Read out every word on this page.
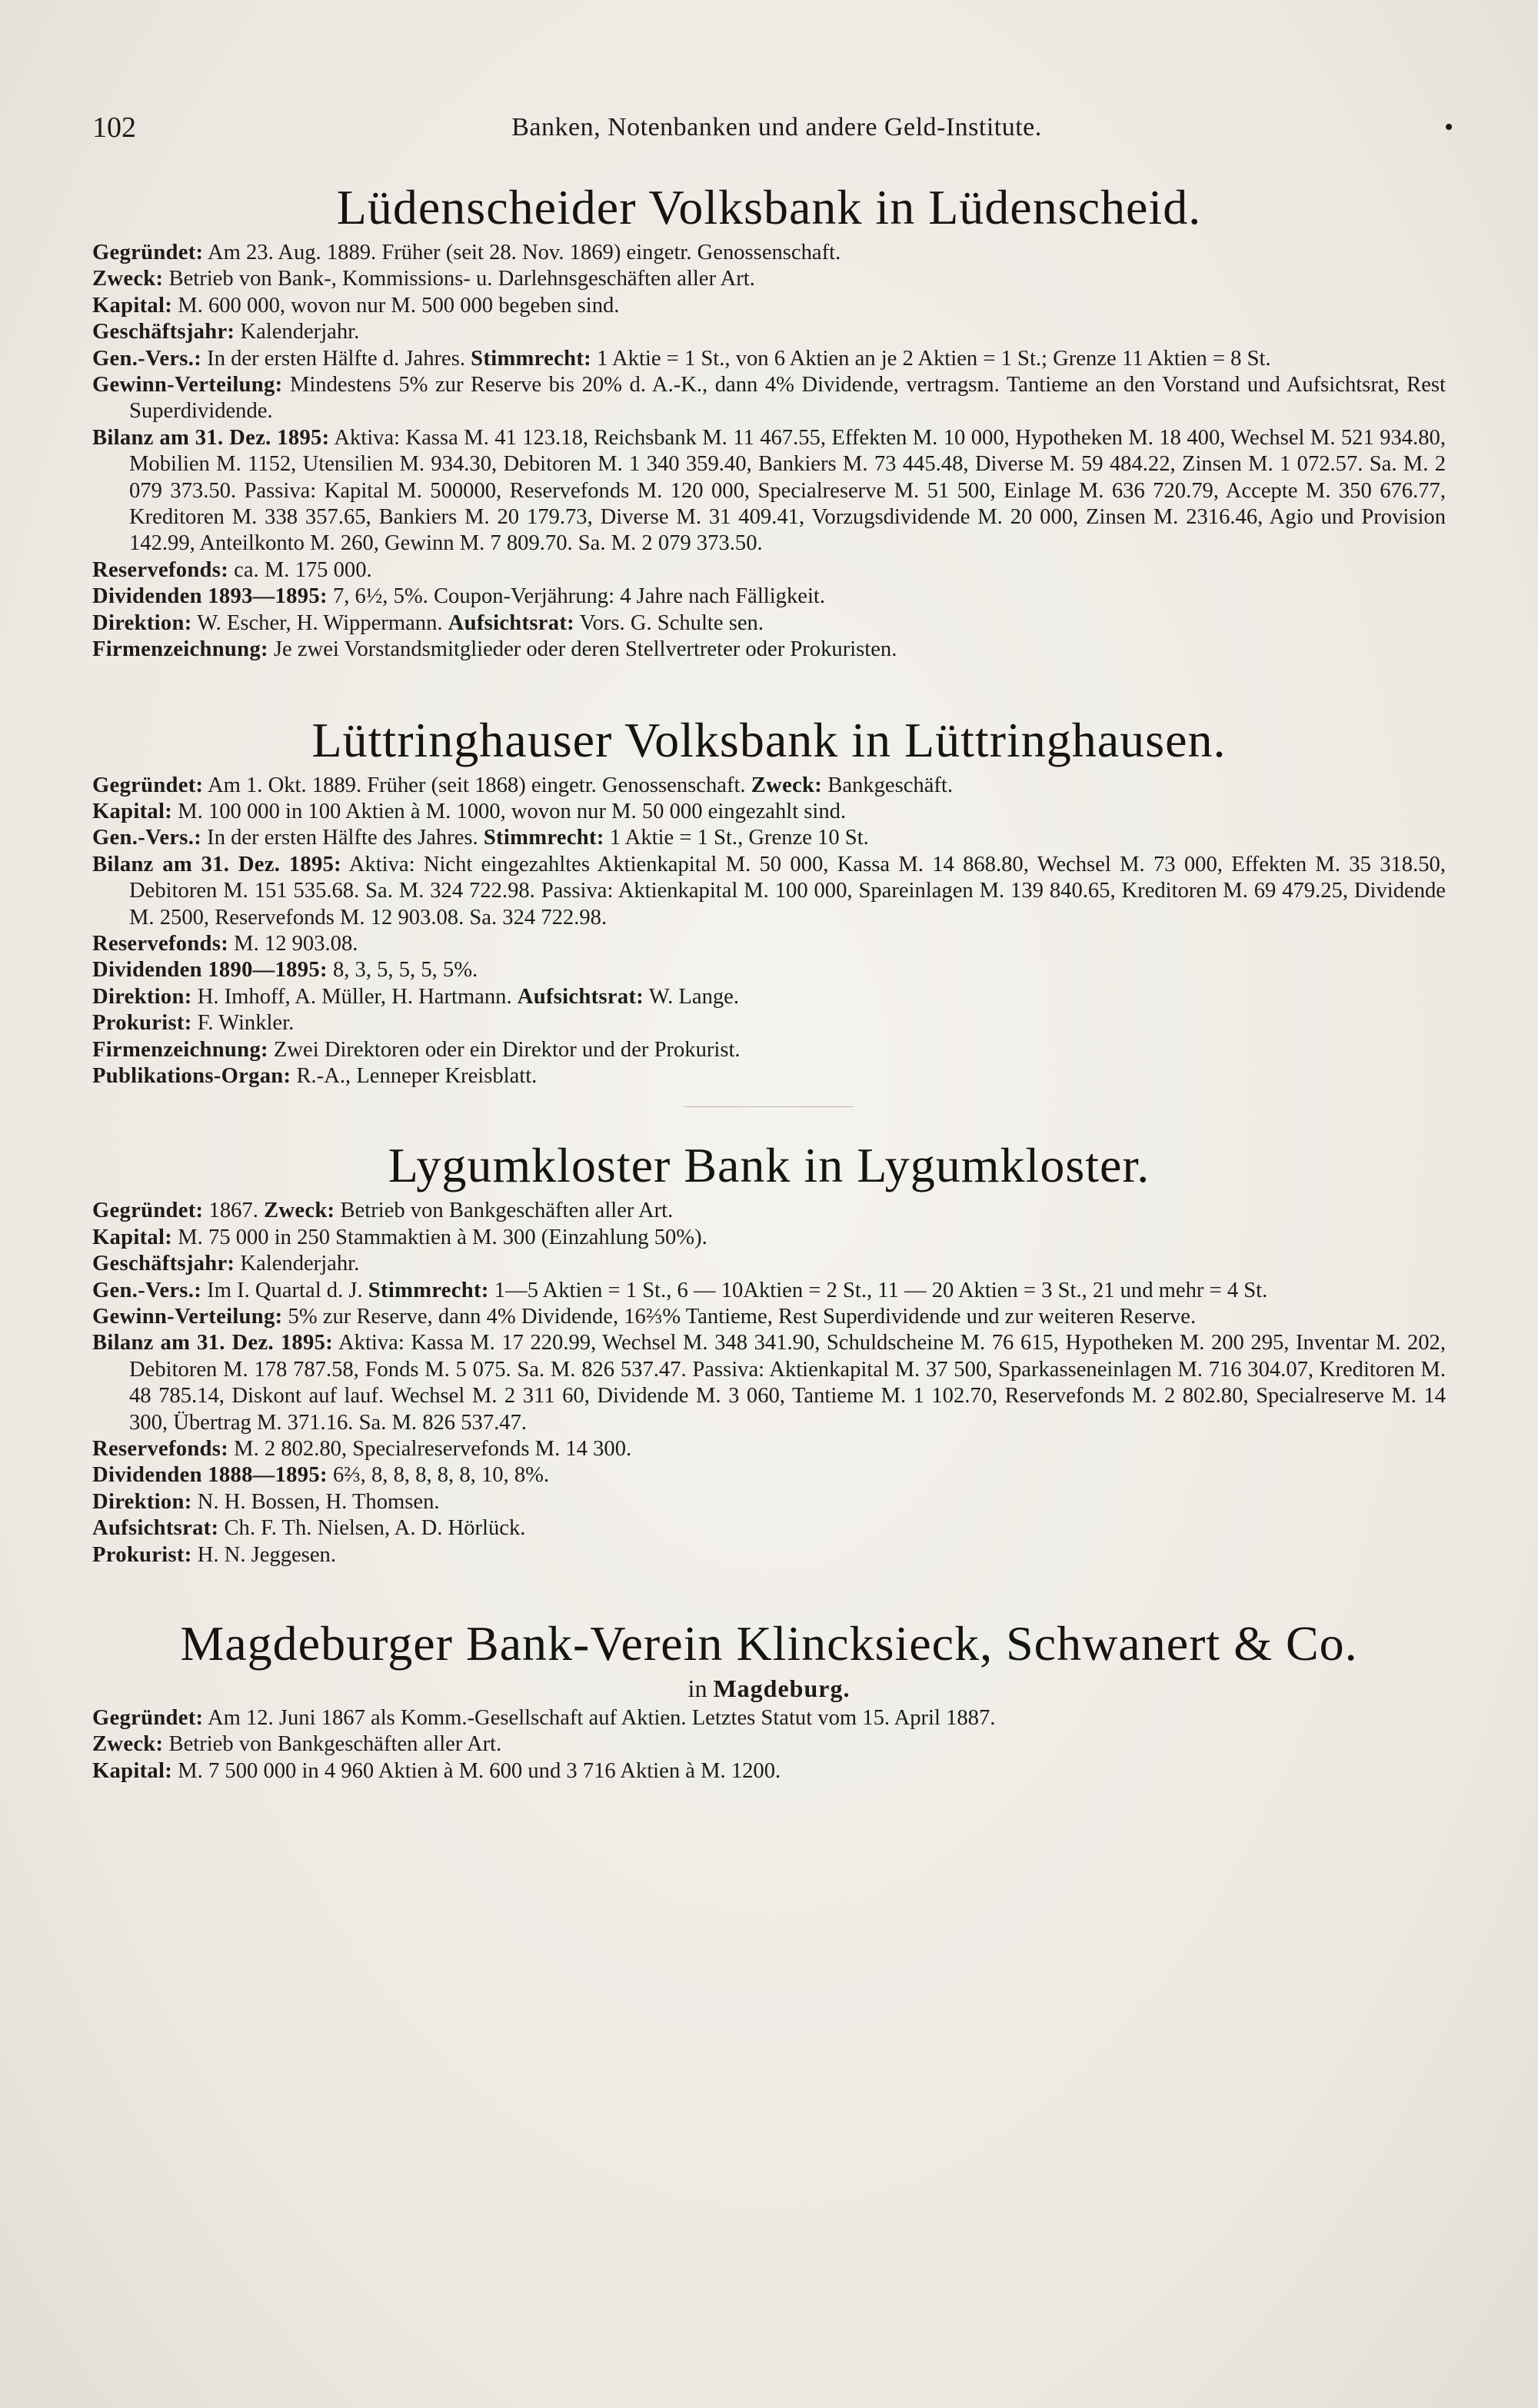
102	Banken, Notenbanken und andere Geld-Institute.	•
Lüdenscheider Volksbank in Lüdenscheid.

Gegründet: Am 23. Aug. 1889. Früher (seit 28. Nov. 1869) eingetr. Genossenschaft.

Zweck: Betrieb von Bank-, Kommissions- u. Darlehnsgeschäften aller Art.

Kapital: M. 600 000, wovon nur M. 500 000 begeben sind.

Geschäftsjahr: Kalenderjahr.

Gen.-Vers.: In der ersten Hälfte d. Jahres. Stimmrecht: 1 Aktie = 1 St., von 6 Aktien an je 2 Aktien = 1 St.; Grenze 11 Aktien = 8 St.

Gewinn-Verteilung: Mindestens 5% zur Reserve bis 20% d. A.-K., dann 4% Dividende, vertragsm. Tantieme an den Vorstand und Aufsichtsrat, Rest Superdividende.

Bilanz am 31. Dez. 1895: Aktiva: Kassa M. 41 123.18, Reichsbank M. 11 467.55, Effekten M. 10 000, Hypotheken M. 18 400, Wechsel M. 521 934.80, Mobilien M. 1152, Utensilien M. 934.30, Debitoren M. 1 340 359.40, Bankiers M. 73 445.48, Diverse M. 59 484.22, Zinsen M. 1 072.57. Sa. M. 2 079 373.50. Passiva: Kapital M. 500000, Reservefonds M. 120 000, Specialreserve M. 51 500, Einlage M. 636 720.79, Accepte M. 350 676.77, Kreditoren M. 338 357.65, Bankiers M. 20 179.73, Diverse M. 31 409.41, Vorzugsdividende M. 20 000, Zinsen M. 2316.46, Agio und Provision 142.99, Anteilkonto M. 260, Gewinn M. 7 809.70. Sa. M. 2 079 373.50.

Reservefonds: ca. M. 175 000.

Dividenden 1893—1895: 7, 6½, 5%. Coupon-Verjährung: 4 Jahre nach Fälligkeit.

Direktion: W. Escher, H. Wippermann. Aufsichtsrat: Vors. G. Schulte sen.

Firmenzeichnung: Je zwei Vorstandsmitglieder oder deren Stellvertreter oder Prokuristen.

Lüttringhauser Volksbank in Lüttringhausen.

Gegründet: Am 1. Okt. 1889. Früher (seit 1868) eingetr. Genossenschaft. Zweck: Bankgeschäft.

Kapital: M. 100 000 in 100 Aktien à M. 1000, wovon nur M. 50 000 eingezahlt sind.

Gen.-Vers.: In der ersten Hälfte des Jahres. Stimmrecht: 1 Aktie = 1 St., Grenze 10 St.

Bilanz am 31. Dez. 1895: Aktiva: Nicht eingezahltes Aktienkapital M. 50 000, Kassa M. 14 868.80, Wechsel M. 73 000, Effekten M. 35 318.50, Debitoren M. 151 535.68. Sa. M. 324 722.98. Passiva: Aktienkapital M. 100 000, Spareinlagen M. 139 840.65, Kreditoren M. 69 479.25, Dividende M. 2500, Reservefonds M. 12 903.08. Sa. 324 722.98.

Reservefonds: M. 12 903.08.

Dividenden 1890—1895: 8, 3, 5, 5, 5, 5%.

Direktion: H. Imhoff, A. Müller, H. Hartmann. Aufsichtsrat: W. Lange.

Prokurist: F. Winkler.

Firmenzeichnung: Zwei Direktoren oder ein Direktor und der Prokurist.

Publikations-Organ: R.-A., Lenneper Kreisblatt.

Lygumkloster Bank in Lygumkloster.

Gegründet: 1867. Zweck: Betrieb von Bankgeschäften aller Art.

Kapital: M. 75 000 in 250 Stammaktien à M. 300 (Einzahlung 50%).

Geschäftsjahr: Kalenderjahr.

Gen.-Vers.: Im I. Quartal d. J. Stimmrecht: 1—5 Aktien = 1 St., 6 — 10Aktien = 2 St., 11 — 20 Aktien = 3 St., 21 und mehr = 4 St.

Gewinn-Verteilung: 5% zur Reserve, dann 4% Dividende, 16⅔% Tantieme, Rest Superdividende und zur weiteren Reserve.

Bilanz am 31. Dez. 1895: Aktiva: Kassa M. 17 220.99, Wechsel M. 348 341.90, Schuldscheine M. 76 615, Hypotheken M. 200 295, Inventar M. 202, Debitoren M. 178 787.58, Fonds M. 5 075. Sa. M. 826 537.47. Passiva: Aktienkapital M. 37 500, Sparkasseneinlagen M. 716 304.07, Kreditoren M. 48 785.14, Diskont auf lauf. Wechsel M. 2 311 60, Dividende M. 3 060, Tantieme M. 1 102.70, Reservefonds M. 2 802.80, Specialreserve M. 14 300, Übertrag M. 371.16. Sa. M. 826 537.47.

Reservefonds: M. 2 802.80, Specialreservefonds M. 14 300.

Dividenden 1888—1895: 6⅔, 8, 8, 8, 8, 8, 10, 8%.

Direktion: N. H. Bossen, H. Thomsen.

Aufsichtsrat: Ch. F. Th. Nielsen, A. D. Hörlück.

Prokurist: H. N. Jeggesen.

Magdeburger Bank-Verein Klincksieck, Schwanert & Co.
in Magdeburg.

Gegründet: Am 12. Juni 1867 als Komm.-Gesellschaft auf Aktien. Letztes Statut vom 15. April 1887.

Zweck: Betrieb von Bankgeschäften aller Art.

Kapital: M. 7 500 000 in 4 960 Aktien à M. 600 und 3 716 Aktien à M. 1200.
